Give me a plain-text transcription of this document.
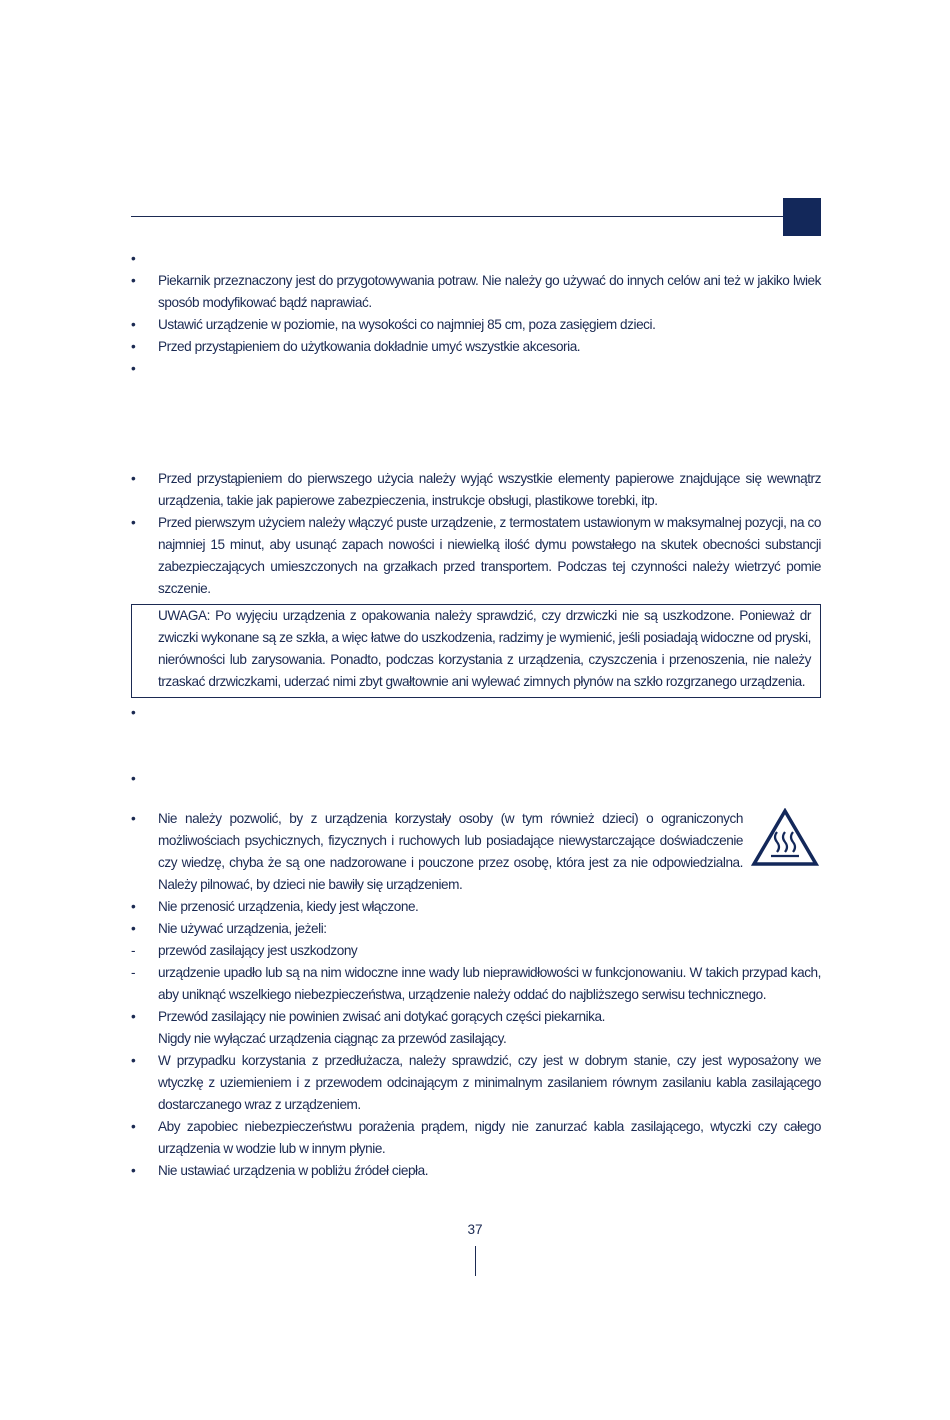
•

•	Piekarnik przeznaczony jest do przygotowywania potraw. Nie należy go używać do innych celów ani też w jakiko lwiek sposób modyfikować bądź naprawiać.
•	Ustawić urządzenie w poziomie, na wysokości co najmniej 85 cm, poza zasięgiem dzieci.
•	Przed przystąpieniem do użytkowania dokładnie umyć wszystkie akcesoria.
•

•	Przed przystąpieniem do pierwszego użycia należy wyjąć wszystkie elementy papierowe znajdujące się wewnątrz urządzenia, takie jak papierowe zabezpieczenia, instrukcje obsługi, plastikowe torebki, itp.
•	Przed pierwszym użyciem należy włączyć puste urządzenie, z termostatem ustawionym w maksymalnej pozycji, na co najmniej 15 minut, aby usunąć zapach nowości i niewielką ilość dymu powstałego na skutek obecności substancji zabezpieczających umieszczonych na grzałkach przed transportem. Podczas tej czynności należy wietrzyć pomie szczenie.
UWAGA: Po wyjęciu urządzenia z opakowania należy sprawdzić, czy drzwiczki nie są uszkodzone. Ponieważ dr zwiczki wykonane są ze szkła, a więc łatwe do uszkodzenia, radzimy je wymienić, jeśli posiadają widoczne od pryski, nierówności lub zarysowania. Ponadto, podczas korzystania z urządzenia, czyszczenia i przenoszenia, nie należy trzaskać drzwiczkami, uderzać nimi zbyt gwałtownie ani wylewać zimnych płynów na szkło rozgrzanego urządzenia.
•

•

•	Nie należy pozwolić, by z urządzenia korzystały osoby (w tym również dzieci) o ograniczonych możliwościach psychicznych, fizycznych i ruchowych lub posiadające niewystarczające doświadczenie czy wiedzę, chyba że są one nadzorowane i pouczone przez osobę, która jest za nie odpowiedzialna. Należy pilnować, by dzieci nie bawiły się urządzeniem.
•	Nie przenosić urządzenia, kiedy jest włączone.
•	Nie używać urządzenia, jeżeli:
-	przewód zasilający jest uszkodzony
-	urządzenie upadło lub są na nim widoczne inne wady lub nieprawidłowości w funkcjonowaniu. W takich przypad kach, aby uniknąć wszelkiego niebezpieczeństwa, urządzenie należy oddać do najbliższego serwisu technicznego.
•	Przewód zasilający nie powinien zwisać ani dotykać gorących części piekarnika.
Nigdy nie wyłączać urządzenia ciągnąc za przewód zasilający.
•	W przypadku korzystania z przedłużacza, należy sprawdzić, czy jest w dobrym stanie, czy jest wyposażony we wtyczkę z uziemieniem i z przewodem odcinającym z minimalnym zasilaniem równym zasilaniu kabla zasilającego dostarczanego wraz z urządzeniem.
•	Aby zapobiec niebezpieczeństwu porażenia prądem, nigdy nie zanurzać kabla zasilającego, wtyczki czy całego urządzenia w wodzie lub w innym płynie.
•	Nie ustawiać urządzenia w pobliżu źródeł ciepła.
37
